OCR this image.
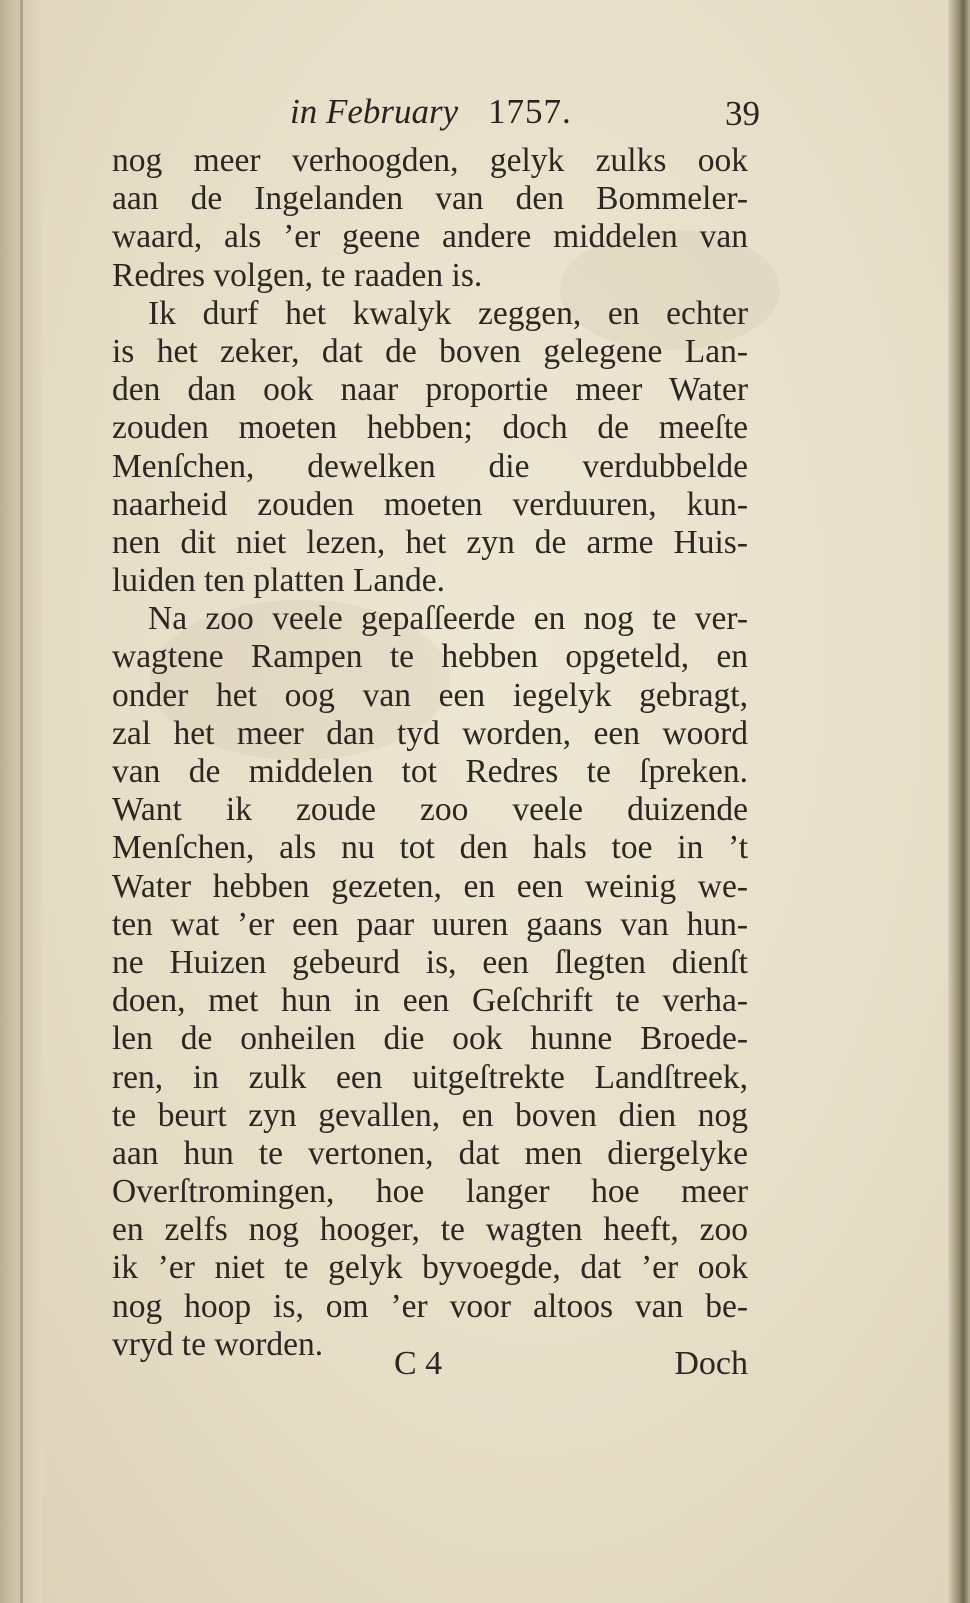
in February 1757.	39
nog meer verhoogden, gelyk zulks ook
aan de Ingelanden van den Bommeler-
waard, als ’er geene andere middelen van
Redres volgen, te raaden is.
Ik durf het kwalyk zeggen, en echter
is het zeker, dat de boven gelegene Lan-
den dan ook naar proportie meer Water
zouden moeten hebben; doch de meeſte
Menſchen, dewelken die verdubbelde
naarheid zouden moeten verduuren, kun-
nen dit niet lezen, het zyn de arme Huis-
luiden ten platten Lande.
Na zoo veele gepaſſeerde en nog te ver-
wagtene Rampen te hebben opgeteld, en
onder het oog van een iegelyk gebragt,
zal het meer dan tyd worden, een woord
van de middelen tot Redres te ſpreken.
Want ik zoude zoo veele duizende
Menſchen, als nu tot den hals toe in ’t
Water hebben gezeten, en een weinig we-
ten wat ’er een paar uuren gaans van hun-
ne Huizen gebeurd is, een ſlegten dienſt
doen, met hun in een Geſchrift te verha-
len de onheilen die ook hunne Broede-
ren, in zulk een uitgeſtrekte Landſtreek,
te beurt zyn gevallen, en boven dien nog
aan hun te vertonen, dat men diergelyke
Overſtromingen, hoe langer hoe meer
en zelfs nog hooger, te wagten heeft, zoo
ik ’er niet te gelyk byvoegde, dat ’er ook
nog hoop is, om ’er voor altoos van be-
vryd te worden.
C 4	Doch
